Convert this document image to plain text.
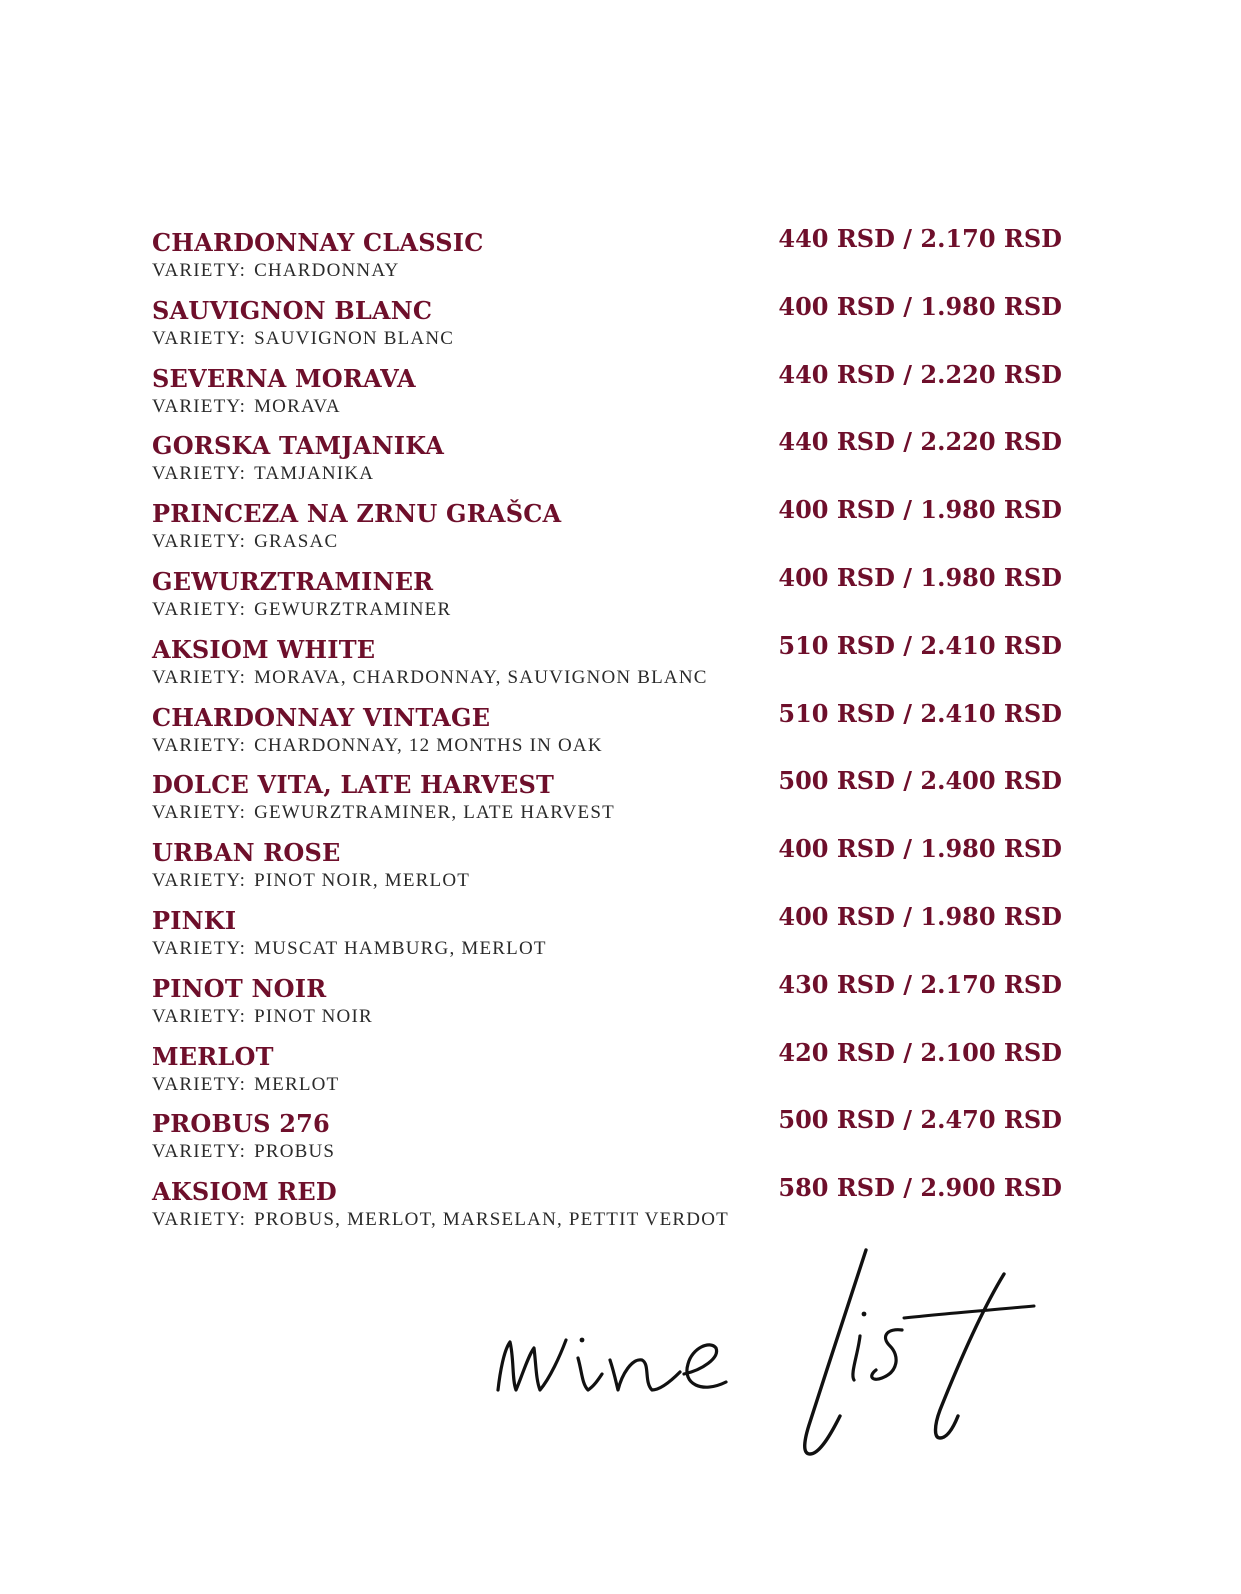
CHARDONNAY CLASSIC
VARIETY: CHARDONNAY
440 RSD / 2.170 RSD
SAUVIGNON BLANC
VARIETY: SAUVIGNON BLANC
400 RSD / 1.980 RSD
SEVERNA MORAVA
VARIETY: MORAVA
440 RSD / 2.220 RSD
GORSKA TAMJANIKA
VARIETY: TAMJANIKA
440 RSD / 2.220 RSD
PRINCEZA NA ZRNU GRAŠCA
VARIETY: GRASAC
400 RSD / 1.980 RSD
GEWURZTRAMINER
VARIETY: GEWURZTRAMINER
400 RSD / 1.980 RSD
AKSIOM WHITE
VARIETY: MORAVA, CHARDONNAY, SAUVIGNON BLANC
510 RSD / 2.410 RSD
CHARDONNAY VINTAGE
VARIETY: CHARDONNAY, 12 MONTHS IN OAK
510 RSD / 2.410 RSD
DOLCE VITA, LATE HARVEST
VARIETY: GEWURZTRAMINER, LATE HARVEST
500 RSD / 2.400 RSD
URBAN ROSE
VARIETY: PINOT NOIR, MERLOT
400 RSD / 1.980 RSD
PINKI
VARIETY: MUSCAT HAMBURG, MERLOT
400 RSD / 1.980 RSD
PINOT NOIR
VARIETY: PINOT NOIR
430 RSD / 2.170 RSD
MERLOT
VARIETY: MERLOT
420 RSD / 2.100 RSD
PROBUS 276
VARIETY: PROBUS
500 RSD / 2.470 RSD
AKSIOM RED
VARIETY: PROBUS, MERLOT, MARSELAN, PETTIT VERDOT
580 RSD / 2.900 RSD
